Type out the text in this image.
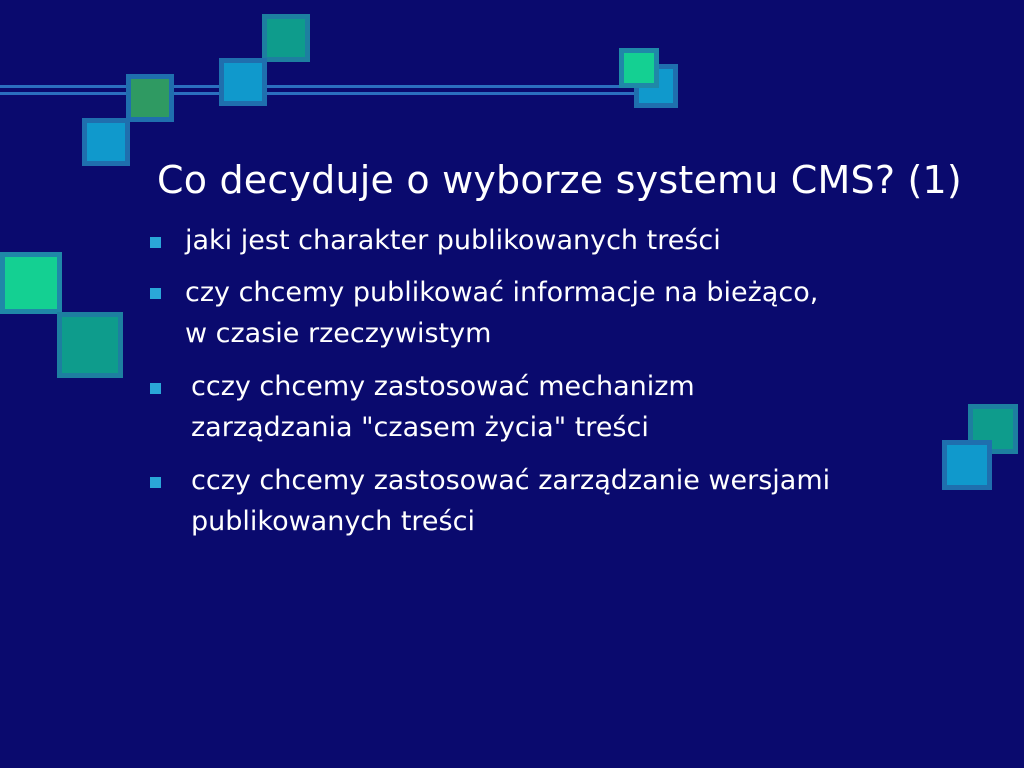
Co decyduje o wyborze systemu CMS? (1)
jaki jest charakter publikowanych treści
czy chcemy publikować informacje na bieżąco,
w czasie rzeczywistym
cczy chcemy zastosować mechanizm
zarządzania "czasem życia" treści
cczy chcemy zastosować zarządzanie wersjami
publikowanych treści
